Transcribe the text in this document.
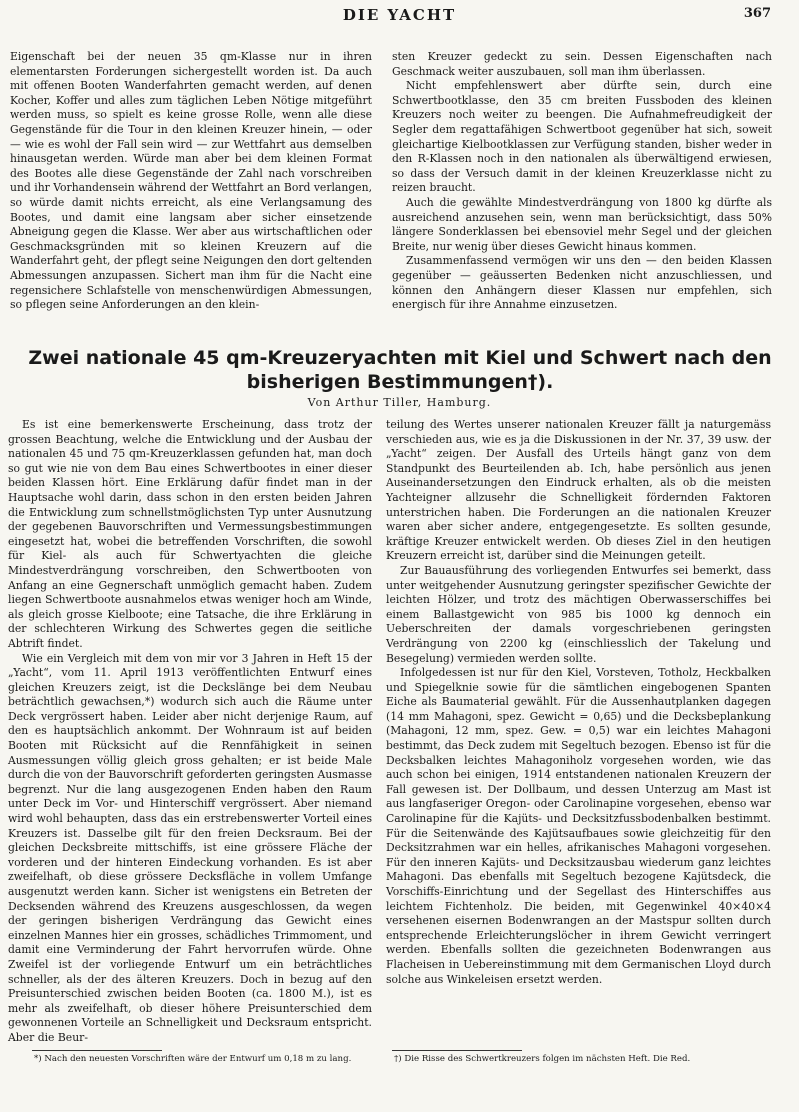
DIE YACHT	367

Eigenschaft bei der neuen 35 qm-Klasse nur in ihren elementarsten Forderungen sichergestellt worden ist. Da auch mit offenen Booten Wanderfahrten gemacht werden, auf denen Kocher, Koffer und alles zum täglichen Leben Nötige mitgeführt werden muss, so spielt es keine grosse Rolle, wenn alle diese Gegenstände für die Tour in den kleinen Kreuzer hinein, — oder — wie es wohl der Fall sein wird — zur Wettfahrt aus demselben hinausgetan werden. Würde man aber bei dem kleinen Format des Bootes alle diese Gegenstände der Zahl nach vorschreiben und ihr Vorhandensein während der Wettfahrt an Bord verlangen, so würde damit nichts erreicht, als eine Verlangsamung des Bootes, und damit eine langsam aber sicher einsetzende Abneigung gegen die Klasse. Wer aber aus wirtschaftlichen oder Geschmacksgründen mit so kleinen Kreuzern auf die Wanderfahrt geht, der pflegt seine Neigungen den dort geltenden Abmessungen anzupassen. Sichert man ihm für die Nacht eine regensichere Schlafstelle von menschenwürdigen Abmessungen, so pflegen seine Anforderungen an den klein-

sten Kreuzer gedeckt zu sein. Dessen Eigenschaften nach Geschmack weiter auszubauen, soll man ihm überlassen.

Nicht empfehlenswert aber dürfte sein, durch eine Schwertbootklasse, den 35 cm breiten Fussboden des kleinen Kreuzers noch weiter zu beengen. Die Aufnahmefreudigkeit der Segler dem regattafähigen Schwertboot gegenüber hat sich, soweit gleichartige Kielbootklassen zur Verfügung standen, bisher weder in den R-Klassen noch in den nationalen als überwältigend erwiesen, so dass der Versuch damit in der kleinen Kreuzerklasse nicht zu reizen braucht.

Auch die gewählte Mindestverdrängung von 1800 kg dürfte als ausreichend anzusehen sein, wenn man berücksichtigt, dass 50% längere Sonderklassen bei ebensoviel mehr Segel und der gleichen Breite, nur wenig über dieses Gewicht hinaus kommen.

Zusammenfassend vermögen wir uns den — den beiden Klassen gegenüber — geäusserten Bedenken nicht anzuschliessen, und können den Anhängern dieser Klassen nur empfehlen, sich energisch für ihre Annahme einzusetzen.

Zwei nationale 45 qm-Kreuzeryachten mit Kiel und Schwert nach den
bisherigen Bestimmungen†).
Von Arthur Tiller, Hamburg.

Es ist eine bemerkenswerte Erscheinung, dass trotz der grossen Beachtung, welche die Entwicklung und der Ausbau der nationalen 45 und 75 qm-Kreuzerklassen gefunden hat, man doch so gut wie nie von dem Bau eines Schwertbootes in einer dieser beiden Klassen hört. Eine Erklärung dafür findet man in der Hauptsache wohl darin, dass schon in den ersten beiden Jahren die Entwicklung zum schnellstmöglichsten Typ unter Ausnutzung der gegebenen Bauvorschriften und Vermessungsbestimmungen eingesetzt hat, wobei die betreffenden Vorschriften, die sowohl für Kiel- als auch für Schwertyachten die gleiche Mindestverdrängung vorschreiben, den Schwertbooten von Anfang an eine Gegnerschaft unmöglich gemacht haben. Zudem liegen Schwertboote ausnahmelos etwas weniger hoch am Winde, als gleich grosse Kielboote; eine Tatsache, die ihre Erklärung in der schlechteren Wirkung des Schwertes gegen die seitliche Abtrift findet.

Wie ein Vergleich mit dem von mir vor 3 Jahren in Heft 15 der „Yacht“, vom 11. April 1913 veröffentlichten Entwurf eines gleichen Kreuzers zeigt, ist die Deckslänge bei dem Neubau beträchtlich gewachsen,*) wodurch sich auch die Räume unter Deck vergrössert haben. Leider aber nicht derjenige Raum, auf den es hauptsächlich ankommt. Der Wohnraum ist auf beiden Booten mit Rücksicht auf die Rennfähigkeit in seinen Ausmessungen völlig gleich gross gehalten; er ist beide Male durch die von der Bauvorschrift geforderten geringsten Ausmasse begrenzt. Nur die lang ausgezogenen Enden haben den Raum unter Deck im Vor- und Hinterschiff vergrössert. Aber niemand wird wohl behaupten, dass das ein erstrebenswerter Vorteil eines Kreuzers ist. Dasselbe gilt für den freien Decksraum. Bei der gleichen Decksbreite mittschiffs, ist eine grössere Fläche der vorderen und der hinteren Eindeckung vorhanden. Es ist aber zweifelhaft, ob diese grössere Decksfläche in vollem Umfange ausgenutzt werden kann. Sicher ist wenigstens ein Betreten der Decksenden während des Kreuzens ausgeschlossen, da wegen der geringen bisherigen Verdrängung das Gewicht eines einzelnen Mannes hier ein grosses, schädliches Trimmoment, und damit eine Verminderung der Fahrt hervorrufen würde. Ohne Zweifel ist der vorliegende Entwurf um ein beträchtliches schneller, als der des älteren Kreuzers. Doch in bezug auf den Preisunterschied zwischen beiden Booten (ca. 1800 M.), ist es mehr als zweifelhaft, ob dieser höhere Preisunterschied dem gewonnenen Vorteile an Schnelligkeit und Decksraum entspricht. Aber die Beur-

teilung des Wertes unserer nationalen Kreuzer fällt ja naturgemäss verschieden aus, wie es ja die Diskussionen in der Nr. 37, 39 usw. der „Yacht“ zeigen. Der Ausfall des Urteils hängt ganz von dem Standpunkt des Beurteilenden ab. Ich, habe persönlich aus jenen Auseinandersetzungen den Eindruck erhalten, als ob die meisten Yachteigner allzusehr die Schnelligkeit fördernden Faktoren unterstrichen haben. Die Forderungen an die nationalen Kreuzer waren aber sicher andere, entgegengesetzte. Es sollten gesunde, kräftige Kreuzer entwickelt werden. Ob dieses Ziel in den heutigen Kreuzern erreicht ist, darüber sind die Meinungen geteilt.

Zur Bauausführung des vorliegenden Entwurfes sei bemerkt, dass unter weitgehender Ausnutzung geringster spezifischer Gewichte der leichten Hölzer, und trotz des mächtigen Oberwasserschiffes bei einem Ballastgewicht von 985 bis 1000 kg dennoch ein Ueberschreiten der damals vorgeschriebenen geringsten Verdrängung von 2200 kg (einschliesslich der Takelung und Besegelung) vermieden werden sollte.

Infolgedessen ist nur für den Kiel, Vorsteven, Totholz, Heckbalken und Spiegelknie sowie für die sämtlichen eingebogenen Spanten Eiche als Baumaterial gewählt. Für die Aussenhautplanken dagegen (14 mm Mahagoni, spez. Gewicht = 0,65) und die Decksbeplankung (Mahagoni, 12 mm, spez. Gew. = 0,5) war ein leichtes Mahagoni bestimmt, das Deck zudem mit Segeltuch bezogen. Ebenso ist für die Decksbalken leichtes Mahagoniholz vorgesehen worden, wie das auch schon bei einigen, 1914 entstandenen nationalen Kreuzern der Fall gewesen ist. Der Dollbaum, und dessen Unterzug am Mast ist aus langfaseriger Oregon- oder Carolinapine vorgesehen, ebenso war Carolinapine für die Kajüts- und Decksitzfussbodenbalken bestimmt. Für die Seitenwände des Kajütsaufbaues sowie gleichzeitig für den Decksitzrahmen war ein helles, afrikanisches Mahagoni vorgesehen. Für den inneren Kajüts- und Decksitzausbau wiederum ganz leichtes Mahagoni. Das ebenfalls mit Segeltuch bezogene Kajütsdeck, die Vorschiffs-Einrichtung und der Segellast des Hinterschiffes aus leichtem Fichtenholz. Die beiden, mit Gegenwinkel 40×40×4 versehenen eisernen Bodenwrangen an der Mastspur sollten durch entsprechende Erleichterungslöcher in ihrem Gewicht verringert werden. Ebenfalls sollten die gezeichneten Bodenwrangen aus Flacheisen in Uebereinstimmung mit dem Germanischen Lloyd durch solche aus Winkeleisen ersetzt werden.

*) Nach den neuesten Vorschriften wäre der Entwurf um 0,18 m zu lang.	†) Die Risse des Schwertkreuzers folgen im nächsten Heft. Die Red.
